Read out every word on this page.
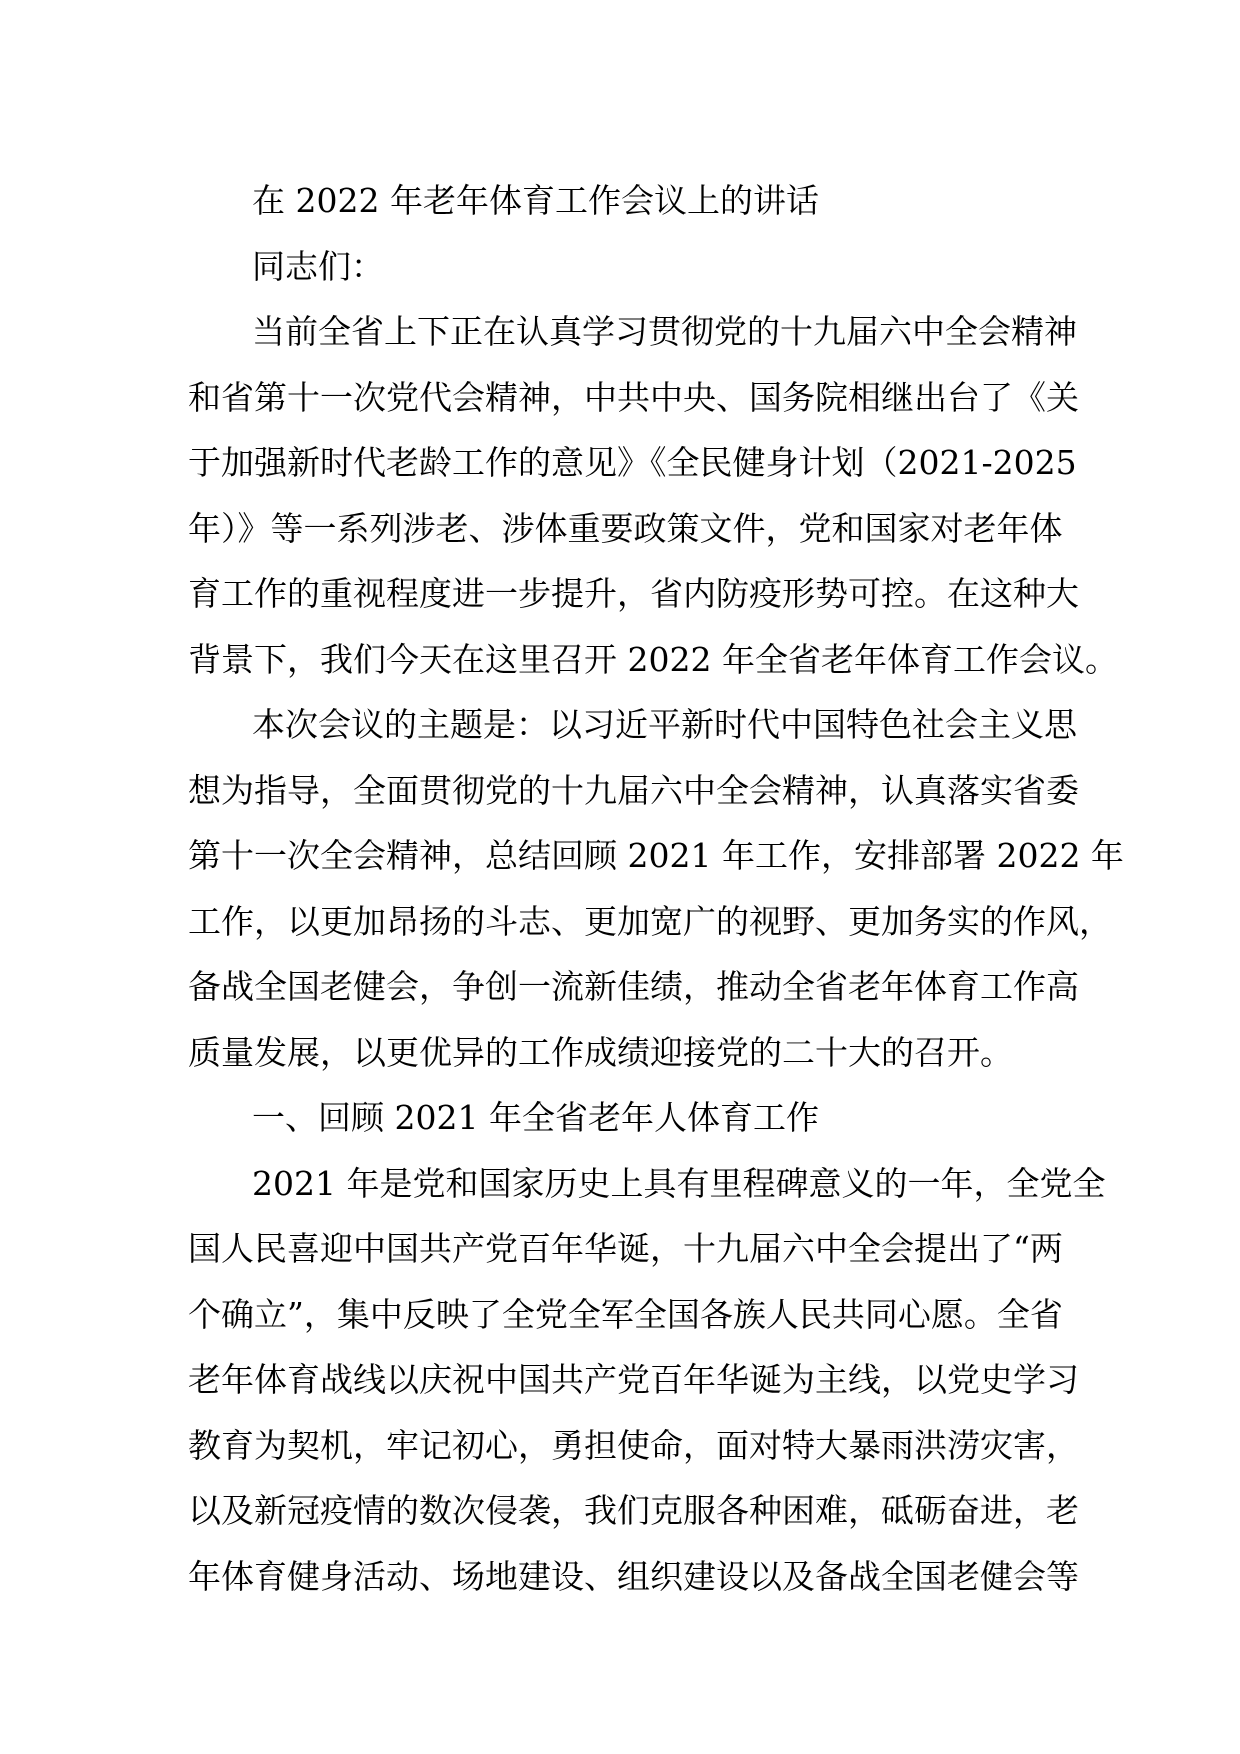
在 2022 年老年体育工作会议上的讲话
同志们：
当前全省上下正在认真学习贯彻党的十九届六中全会精神
和省第十一次党代会精神，中共中央、国务院相继出台了《关
于加强新时代老龄工作的意见》《全民健身计划（2021-2025
年）》等一系列涉老、涉体重要政策文件，党和国家对老年体
育工作的重视程度进一步提升，省内防疫形势可控。在这种大
背景下，我们今天在这里召开 2022 年全省老年体育工作会议。
本次会议的主题是：以习近平新时代中国特色社会主义思
想为指导，全面贯彻党的十九届六中全会精神，认真落实省委
第十一次全会精神，总结回顾 2021 年工作，安排部署 2022 年
工作，以更加昂扬的斗志、更加宽广的视野、更加务实的作风，
备战全国老健会，争创一流新佳绩，推动全省老年体育工作高
质量发展，以更优异的工作成绩迎接党的二十大的召开。
一、回顾 2021 年全省老年人体育工作
2021 年是党和国家历史上具有里程碑意义的一年，全党全
国人民喜迎中国共产党百年华诞，十九届六中全会提出了“两
个确立”，集中反映了全党全军全国各族人民共同心愿。全省
老年体育战线以庆祝中国共产党百年华诞为主线，以党史学习
教育为契机，牢记初心，勇担使命，面对特大暴雨洪涝灾害，
以及新冠疫情的数次侵袭，我们克服各种困难，砥砺奋进，老
年体育健身活动、场地建设、组织建设以及备战全国老健会等
